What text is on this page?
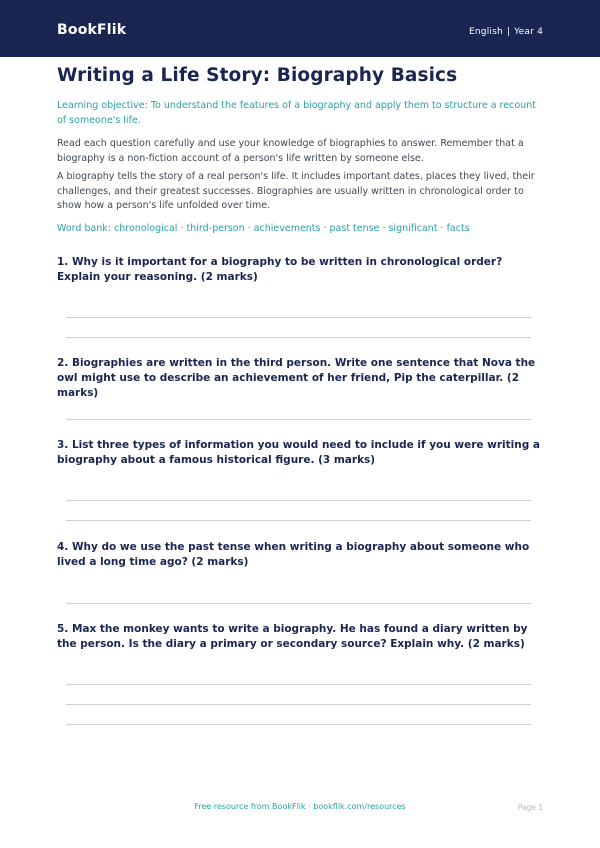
BookFlik	English | Year 4
Writing a Life Story: Biography Basics
Learning objective: To understand the features of a biography and apply them to structure a recount of someone's life.
Read each question carefully and use your knowledge of biographies to answer. Remember that a biography is a non-fiction account of a person's life written by someone else.
A biography tells the story of a real person's life. It includes important dates, places they lived, their challenges, and their greatest successes. Biographies are usually written in chronological order to show how a person's life unfolded over time.
Word bank: chronological · third-person · achievements · past tense · significant · facts
1. Why is it important for a biography to be written in chronological order? Explain your reasoning. (2 marks)
2. Biographies are written in the third person. Write one sentence that Nova the owl might use to describe an achievement of her friend, Pip the caterpillar. (2 marks)
3. List three types of information you would need to include if you were writing a biography about a famous historical figure. (3 marks)
4. Why do we use the past tense when writing a biography about someone who lived a long time ago? (2 marks)
5. Max the monkey wants to write a biography. He has found a diary written by the person. Is the diary a primary or secondary source? Explain why. (2 marks)
Free resource from BookFlik · bookflik.com/resources	Page 1
